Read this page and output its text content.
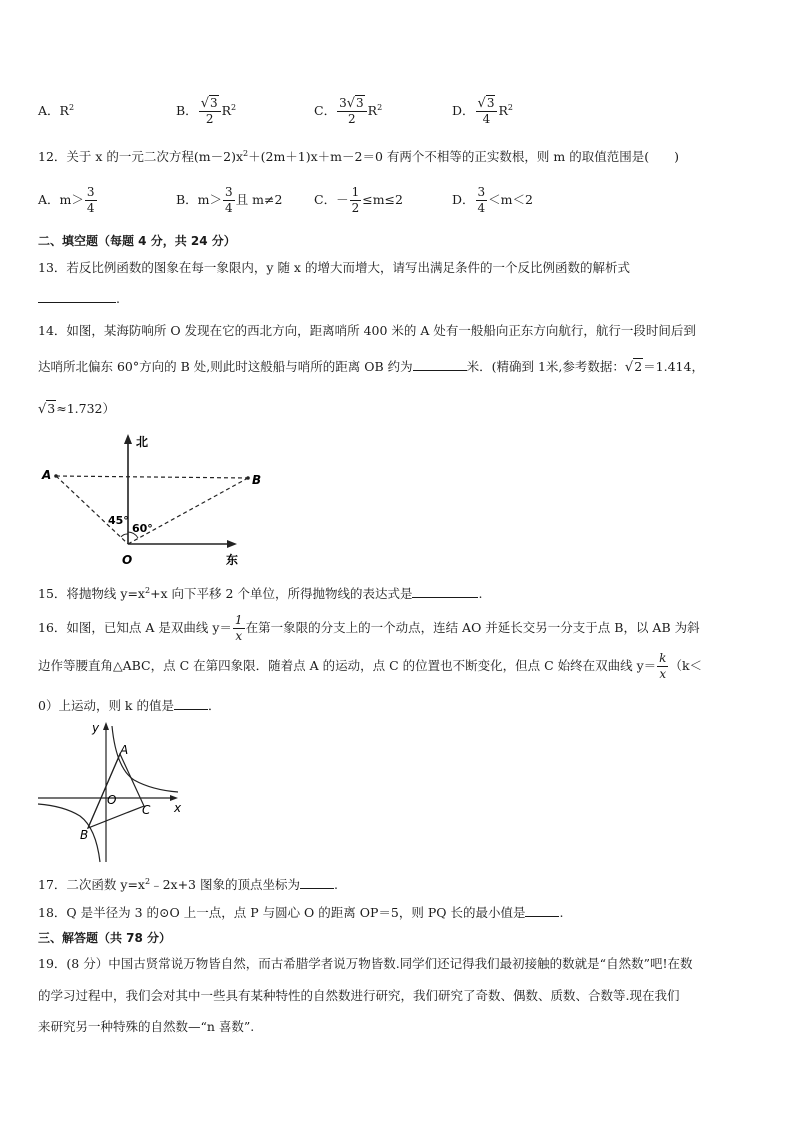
A．$R^2$	B． $\frac{√3}{2} R^2$	C． $\frac{3√3}{2} R^2$	D． $\frac{√3}{4} R^2$
12．关于 x 的一元二次方程$(m-2)x^2+(2m+1)x+m-2=0$ 有两个不相等的正实数根，则 m 的取值范围是(　　)
A．$m> \frac{3}{4}$	B．$m> \frac{3}{4}$ 且 m≠2	C．－ $\frac{1}{2} \le m\le 2$	D． $\frac{3}{4} <m<2$
二、填空题（每题 4 分，共 24 分）
13．若反比例函数的图象在每一象限内，y 随 x 的增大而增大，请写出满足条件的一个反比例函数的解析式
.
14．如图，某海防响所 O 发现在它的西北方向，距离哨所 400 米的 A 处有一般船向正东方向航行，航行一段时间后到
达哨所北偏东 60°方向的 B 处,则此时这般船与哨所的距离 OB 约为	米．(精确到 1米,参考数据：√2＝1.414，
√3≈1.732）
北
东
A	B
O
45°
60°
15．将抛物线 $y=x^2+x$ 向下平移 2 个单位，所得抛物线的表达式是	.
16．如图，已知点 A 是双曲线 $y= \frac{1}{x}$ 在第一象限的分支上的一个动点，连结 AO 并延长交另一分支于点 B，以 AB 为斜
边作等腰直角△ABC，点 C 在第四象限．随着点 A 的运动，点 C 的位置也不断变化，但点 C 始终在双曲线 $y= \frac{k}{x} (k<$
0）上运动，则 k 的值是	．
y
x
A
B
C
O
17．二次函数 $y=x^2﹣2x+3$ 图象的顶点坐标为	.
18．Q 是半径为 3 的⊙O 上一点，点 P 与圆心 O 的距离 OP＝5，则 PQ 长的最小值是	.
三、解答题（共 78 分）
19．(8 分）中国古贤常说万物皆自然，而古希腊学者说万物皆数.同学们还记得我们最初接触的数就是“自然数”吧!在数
的学习过程中，我们会对其中一些具有某种特性的自然数进行研究，我们研究了奇数、偶数、质数、合数等.现在我们
来研究另一种特殊的自然数—“n 喜数”.
